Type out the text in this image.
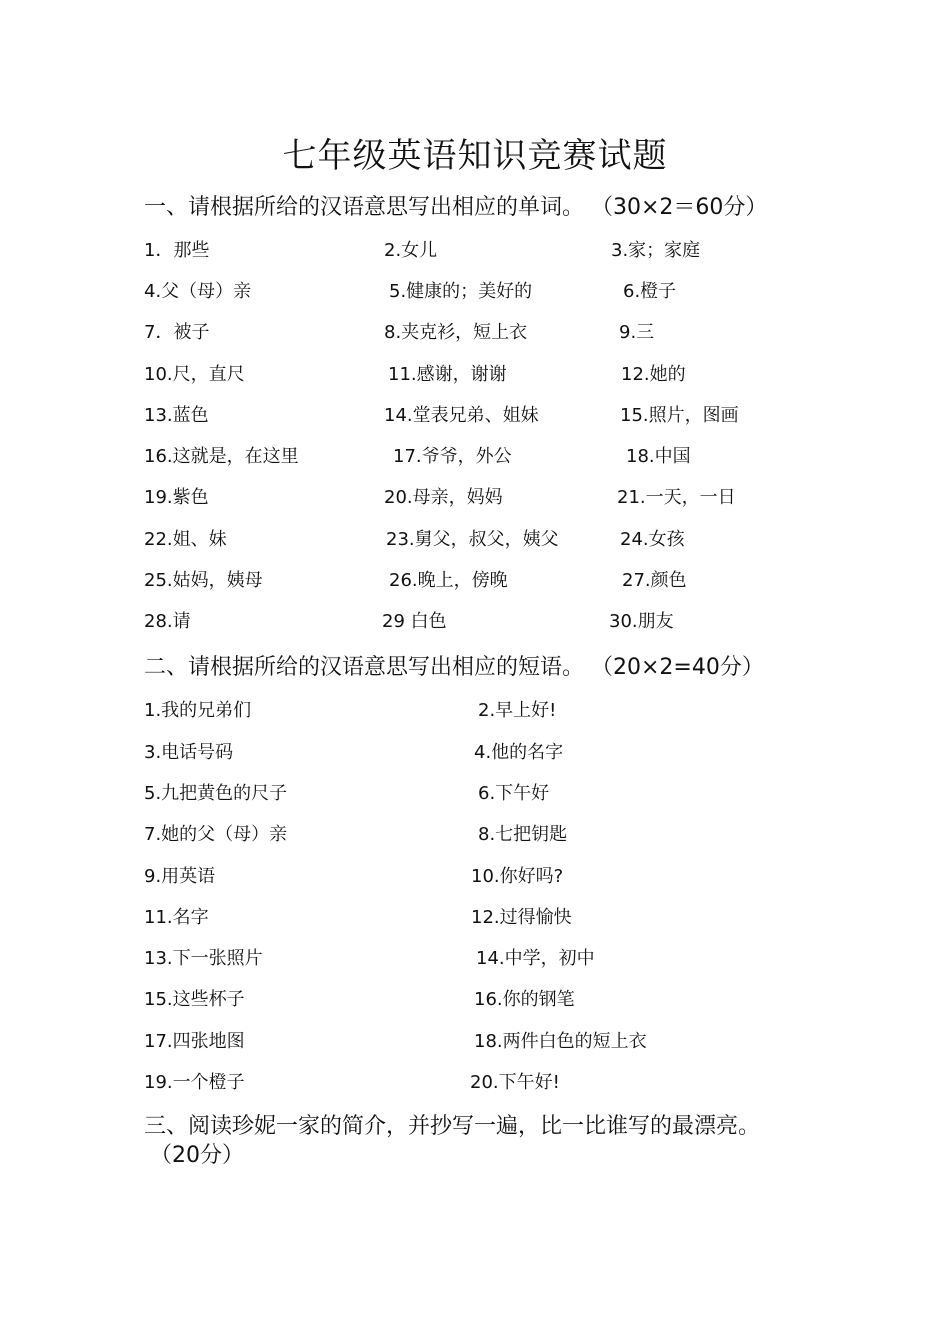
七年级英语知识竞赛试题
一、请根据所给的汉语意思写出相应的单词。 （30×2＝60分）
1．那些	2.女儿	3.家；家庭
4.父（母）亲	5.健康的；美好的	6.橙子
7．被子	8.夹克衫，短上衣	9.三
10.尺，直尺	11.感谢，谢谢	12.她的
13.蓝色	14.堂表兄弟、姐妹	15.照片，图画
16.这就是，在这里	17.爷爷，外公	18.中国
19.紫色	20.母亲，妈妈	21.一天，一日
22.姐、妹	23.舅父，叔父，姨父	24.女孩
25.姑妈，姨母	26.晚上，傍晚	27.颜色
28.请	29 白色	30.朋友
二、请根据所给的汉语意思写出相应的短语。 （20×2=40分）
1.我的兄弟们	2.早上好!
3.电话号码	4.他的名字
5.九把黄色的尺子	6.下午好
7.她的父（母）亲	8.七把钥匙
9.用英语	10.你好吗?
11.名字	12.过得愉快
13.下一张照片	14.中学，初中
15.这些杯子	16.你的钢笔
17.四张地图	18.两件白色的短上衣
19.一个橙子	20.下午好!
三、阅读珍妮一家的简介，并抄写一遍，比一比谁写的最漂亮。
（20分）
